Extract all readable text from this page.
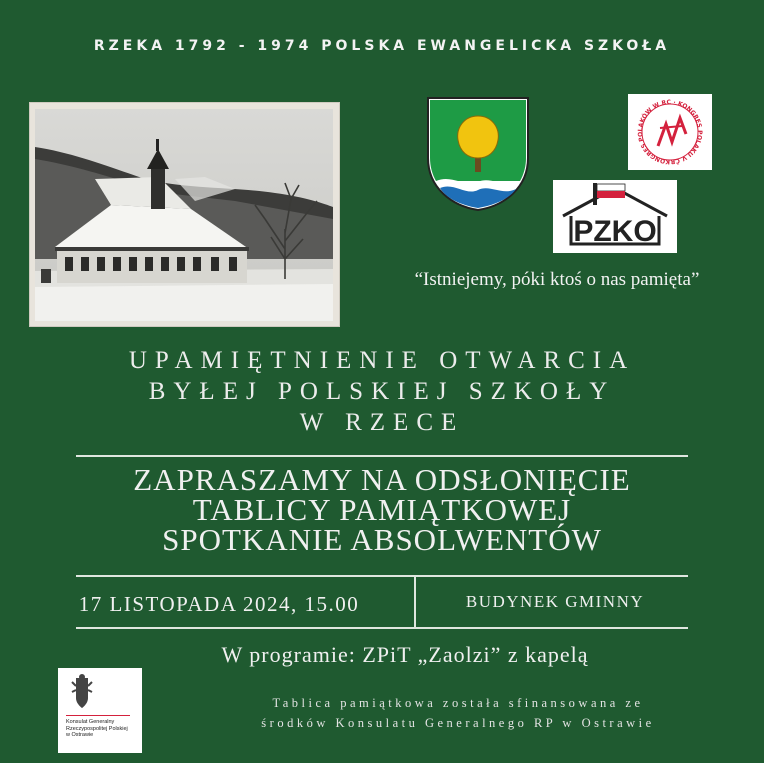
RZEKA 1792 - 1974 POLSKA EWANGELICKA SZKOŁA
KONGRES POLAKÓW W RC · KONGRES POLAKU V ČR
PZKO
“Istniejemy, póki ktoś o nas pamięta”
UPAMIĘTNIENIE OTWARCIA
BYŁEJ POLSKIEJ SZKOŁY
W RZECE
ZAPRASZAMY NA ODSŁONIĘCIE
TABLICY PAMIĄTKOWEJ
SPOTKANIE ABSOLWENTÓW
17 LISTOPADA 2024, 15.00	BUDYNEK GMINNY
W programie: ZPiT „Zaolzi” z kapelą
Konsulat Generalny
Rzeczypospolitej Polskiej
w Ostrawie
Tablica pamiątkowa została sfinansowana ze
środków Konsulatu Generalnego RP w Ostrawie
